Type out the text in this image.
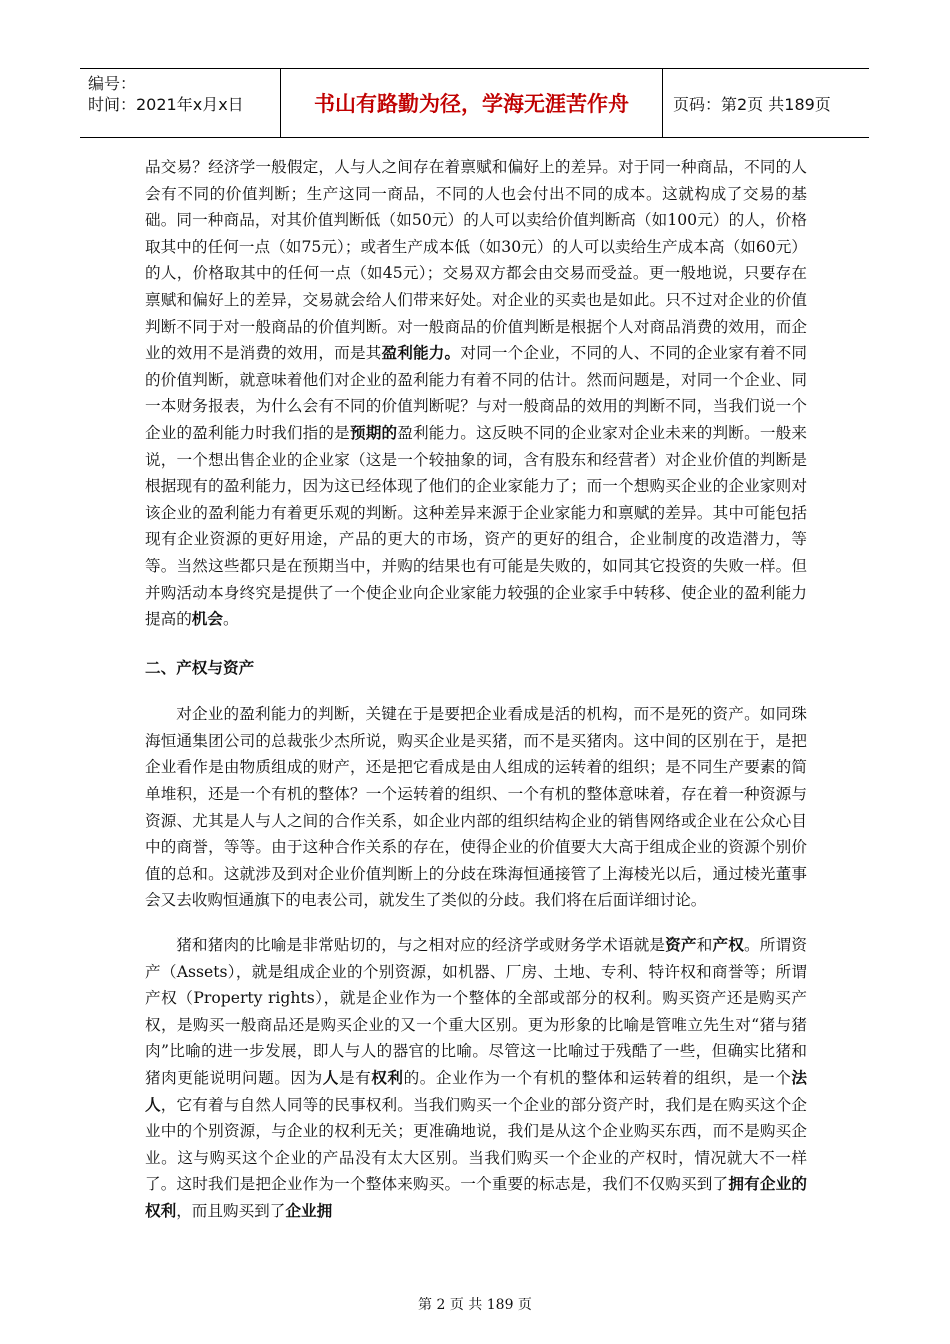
编号：
时间：2021年x月x日	书山有路勤为径，学海无涯苦作舟	页码：第2页 共189页

品交易？经济学一般假定，人与人之间存在着禀赋和偏好上的差异。对于同一种商品，不同的人会有不同的价值判断；生产这同一商品，不同的人也会付出不同的成本。这就构成了交易的基础。同一种商品，对其价值判断低（如50元）的人可以卖给价值判断高（如100元）的人，价格取其中的任何一点（如75元）；或者生产成本低（如30元）的人可以卖给生产成本高（如60元）的人，价格取其中的任何一点（如45元）；交易双方都会由交易而受益。更一般地说，只要存在禀赋和偏好上的差异，交易就会给人们带来好处。对企业的买卖也是如此。只不过对企业的价值判断不同于对一般商品的价值判断。对一般商品的价值判断是根据个人对商品消费的效用，而企业的效用不是消费的效用，而是其盈利能力。对同一个企业，不同的人、不同的企业家有着不同的价值判断，就意味着他们对企业的盈利能力有着不同的估计。然而问题是，对同一个企业、同一本财务报表，为什么会有不同的价值判断呢？与对一般商品的效用的判断不同，当我们说一个企业的盈利能力时我们指的是预期的盈利能力。这反映不同的企业家对企业未来的判断。一般来说，一个想出售企业的企业家（这是一个较抽象的词，含有股东和经营者）对企业价值的判断是根据现有的盈利能力，因为这已经体现了他们的企业家能力了；而一个想购买企业的企业家则对该企业的盈利能力有着更乐观的判断。这种差异来源于企业家能力和禀赋的差异。其中可能包括现有企业资源的更好用途，产品的更大的市场，资产的更好的组合，企业制度的改造潜力，等等。当然这些都只是在预期当中，并购的结果也有可能是失败的，如同其它投资的失败一样。但并购活动本身终究是提供了一个使企业向企业家能力较强的企业家手中转移、使企业的盈利能力提高的机会。

二、产权与资产

对企业的盈利能力的判断，关键在于是要把企业看成是活的机构，而不是死的资产。如同珠海恒通集团公司的总裁张少杰所说，购买企业是买猪，而不是买猪肉。这中间的区别在于，是把企业看作是由物质组成的财产，还是把它看成是由人组成的运转着的组织；是不同生产要素的简单堆积，还是一个有机的整体？一个运转着的组织、一个有机的整体意味着，存在着一种资源与资源、尤其是人与人之间的合作关系，如企业内部的组织结构企业的销售网络或企业在公众心目中的商誉，等等。由于这种合作关系的存在，使得企业的价值要大大高于组成企业的资源个别价值的总和。这就涉及到对企业价值判断上的分歧在珠海恒通接管了上海棱光以后，通过棱光董事会又去收购恒通旗下的电表公司，就发生了类似的分歧。我们将在后面详细讨论。

猪和猪肉的比喻是非常贴切的，与之相对应的经济学或财务学术语就是资产和产权。所谓资产（Assets），就是组成企业的个别资源，如机器、厂房、土地、专利、特许权和商誉等；所谓产权（Property rights），就是企业作为一个整体的全部或部分的权利。购买资产还是购买产权，是购买一般商品还是购买企业的又一个重大区别。更为形象的比喻是管唯立先生对“猪与猪肉”比喻的进一步发展，即人与人的器官的比喻。尽管这一比喻过于残酷了一些，但确实比猪和猪肉更能说明问题。因为人是有权利的。企业作为一个有机的整体和运转着的组织，是一个法人，它有着与自然人同等的民事权利。当我们购买一个企业的部分资产时，我们是在购买这个企业中的个别资源，与企业的权利无关；更准确地说，我们是从这个企业购买东西，而不是购买企业。这与购买这个企业的产品没有太大区别。当我们购买一个企业的产权时，情况就大不一样了。这时我们是把企业作为一个整体来购买。一个重要的标志是，我们不仅购买到了拥有企业的权利，而且购买到了企业拥

第 2 页 共 189 页
